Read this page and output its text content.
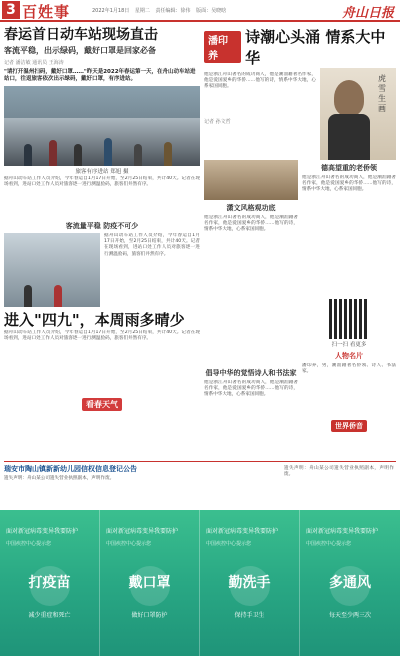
3 百姓事	2022年1月18日 星期二 责任编辑：徐伟 版面：吴晓晗	舟山日报
春运首日动车站现场直击
客流平稳，出示绿码，戴好口罩是回家必备
记者 潘洁敏 通讯员 王海涛
"请打开温州扫码，戴好口罩……"昨天是2022年春运第一天，在舟山动车站进站口，往返旅客依次出示绿码，戴好口罩，有序进站。
旅客有序进站 郑旭 摄
据舟山动车站工作人员介绍，今年春运自1月17日开始，至2月25日结束，共计40天。记者在现场看到，进站口处工作人员对旅客逐一进行测温验码，旅客们井然有序。
客流量平稳 防疫不可少
据舟山动车站工作人员介绍，今年春运自1月17日开始，至2月25日结束，共计40天。记者在现场看到，进站口处工作人员对旅客逐一进行测温验码，旅客们井然有序。
进入"四九"，本周雨多晴少
据舟山动车站工作人员介绍，今年春运自1月17日开始，至2月25日结束，共计40天。记者在现场看到，进站口处工作人员对旅客逐一进行测温验码，旅客们井然有序。
看春天气
潘印养
诗潮心头涌 情系大中华
他是浙江舟山著名的成功商人，他是潮汕籍著名作家，他是爱国爱乡的华侨……他写的诗，情系中华大地，心系家国同胞。
虎雪生画
记者 孙文哲
潇文风格观功底
他是浙江舟山著名的成功商人，他是潮汕籍著名作家，他是爱国爱乡的华侨……他写的诗，情系中华大地，心系家国同胞。
倡导中华的觉悟诗人和书法家
他是浙江舟山著名的成功商人，他是潮汕籍著名作家，他是爱国爱乡的华侨……他写的诗，情系中华大地，心系家国同胞。
德高望重的老侨领
他是浙江舟山著名的成功商人，他是潮汕籍著名作家，他是爱国爱乡的华侨……他写的诗，情系中华大地，心系家国同胞。
扫一扫 看更多
人物名片
潘印养，男，潮汕籍著名侨领、诗人、书法家。
世界侨音
瑞安市陶山镇新新幼儿园信权信息登记公告
遗失声明：舟山某公司遗失营业执照副本，声明作废。
遗失声明：舟山某公司遗失营业执照副本，声明作废。
面对新冠病毒变异我要防护
中国疾控中心提示您
打疫苗
减少重症和死亡
面对新冠病毒变异我要防护
中国疾控中心提示您
戴口罩
做好口罩防护
面对新冠病毒变异我要防护
中国疾控中心提示您
勤洗手
保持手卫生
面对新冠病毒变异我要防护
中国疾控中心提示您
多通风
每天至少两三次
